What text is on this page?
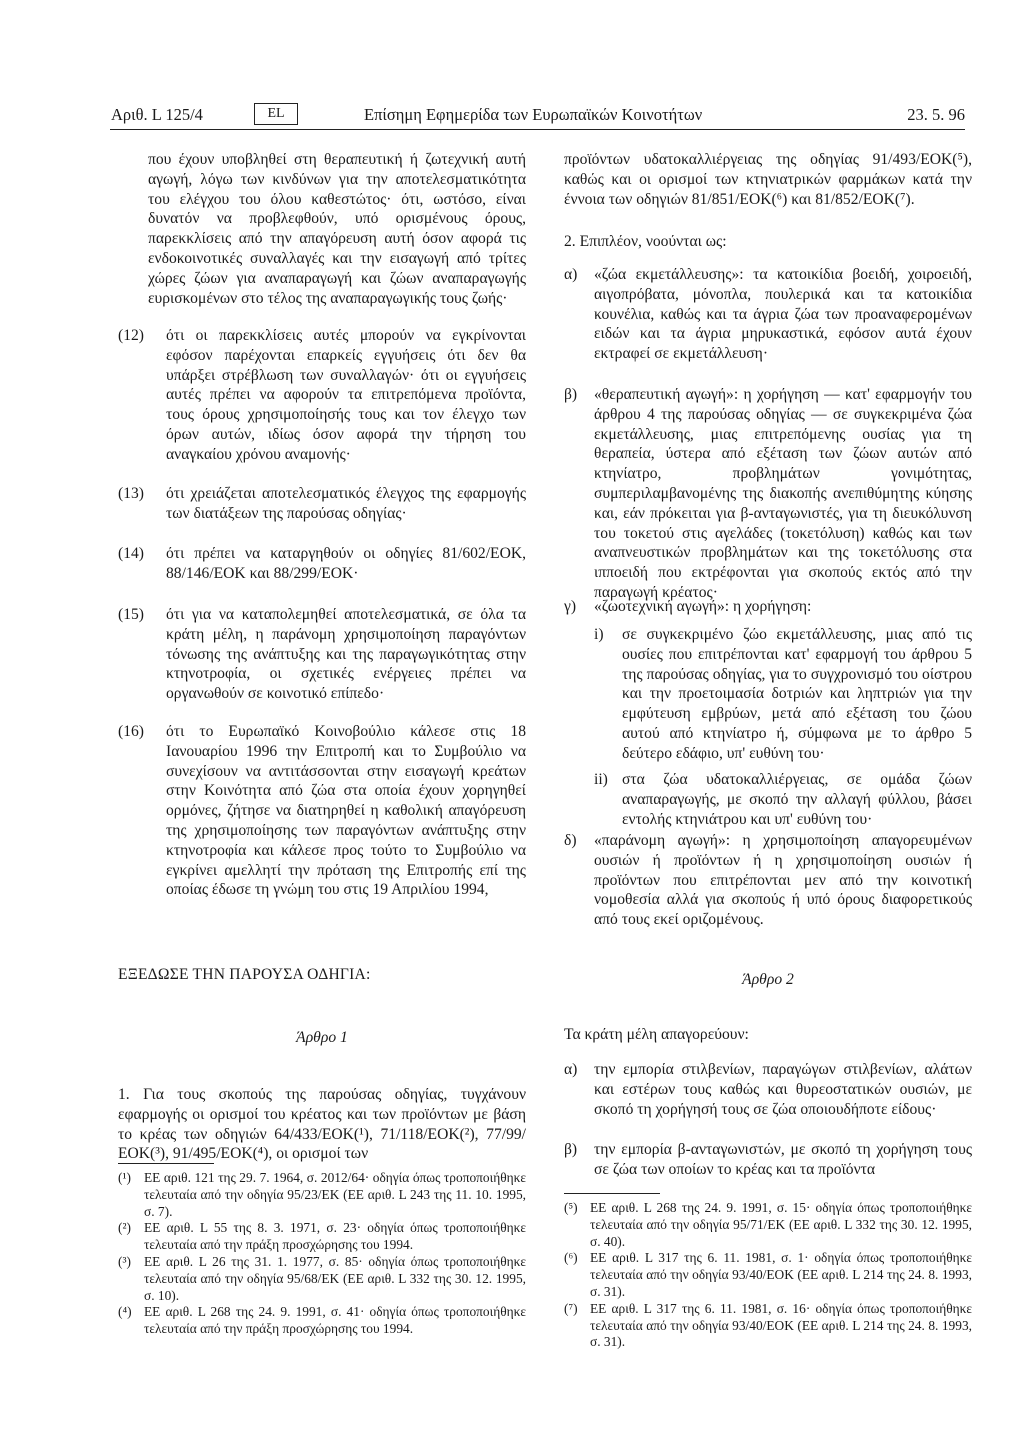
Αριθ. L 125/4	EL	Επίσημη Εφημερίδα των Ευρωπαϊκών Κοινοτήτων	23. 5. 96

που έχουν υποβληθεί στη θεραπευτική ή ζωτεχνική αυτή αγωγή, λόγω των κινδύνων για την αποτελεσματικότητα του ελέγχου του όλου καθεστώτος· ότι, ωστόσο, είναι δυνατόν να προβλεφθούν, υπό ορισμένους όρους, παρεκκλίσεις από την απαγόρευση αυτή όσον αφορά τις ενδοκοινοτικές συναλλαγές και την εισαγωγή από τρίτες χώρες ζώων για αναπαραγωγή και ζώων αναπαραγωγής ευρισκομένων στο τέλος της αναπαραγωγικής τους ζωής·

(12) ότι οι παρεκκλίσεις αυτές μπορούν να εγκρίνονται εφόσον παρέχονται επαρκείς εγγυήσεις ότι δεν θα υπάρξει στρέβλωση των συναλλαγών· ότι οι εγγυήσεις αυτές πρέπει να αφορούν τα επιτρεπόμενα προϊόντα, τους όρους χρησιμοποίησής τους και τον έλεγχο των όρων αυτών, ιδίως όσον αφορά την τήρηση του αναγκαίου χρόνου αναμονής·
(13) ότι χρειάζεται αποτελεσματικός έλεγχος της εφαρμογής των διατάξεων της παρούσας οδηγίας·
(14) ότι πρέπει να καταργηθούν οι οδηγίες 81/602/ΕΟΚ, 88/146/ΕΟΚ και 88/299/ΕΟΚ·
(15) ότι για να καταπολεμηθεί αποτελεσματικά, σε όλα τα κράτη μέλη, η παράνομη χρησιμοποίηση παραγόντων τόνωσης της ανάπτυξης και της παραγωγικότητας στην κτηνοτροφία, οι σχετικές ενέργειες πρέπει να οργανωθούν σε κοινοτικό επίπεδο·
(16) ότι το Ευρωπαϊκό Κοινοβούλιο κάλεσε στις 18 Ιανουαρίου 1996 την Επιτροπή και το Συμβούλιο να συνεχίσουν να αντιτάσσονται στην εισαγωγή κρεάτων στην Κοινότητα από ζώα στα οποία έχουν χορηγηθεί ορμόνες, ζήτησε να διατηρηθεί η καθολική απαγόρευση της χρησιμοποίησης των παραγόντων ανάπτυξης στην κτηνοτροφία και κάλεσε προς τούτο το Συμβούλιο να εγκρίνει αμελλητί την πρόταση της Επιτροπής επί της οποίας έδωσε τη γνώμη του στις 19 Απριλίου 1994,

ΕΞΕΔΩΣΕ ΤΗΝ ΠΑΡΟΥΣΑ ΟΔΗΓΙΑ:

Άρθρο 1

1. Για τους σκοπούς της παρούσας οδηγίας, τυγχάνουν εφαρμογής οι ορισμοί του κρέατος και των προϊόντων με βάση το κρέας των οδηγιών 64/433/ΕΟΚ(¹), 71/118/ΕΟΚ(²), 77/99/ΕΟΚ(³), 91/495/ΕΟΚ(⁴), οι ορισμοί των

(¹) ΕΕ αριθ. 121 της 29. 7. 1964, σ. 2012/64· οδηγία όπως τροποποιήθηκε τελευταία από την οδηγία 95/23/ΕΚ (ΕΕ αριθ. L 243 της 11. 10. 1995, σ. 7).
(²) ΕΕ αριθ. L 55 της 8. 3. 1971, σ. 23· οδηγία όπως τροποποιήθηκε τελευταία από την πράξη προσχώρησης του 1994.
(³) ΕΕ αριθ. L 26 της 31. 1. 1977, σ. 85· οδηγία όπως τροποποιήθηκε τελευταία από την οδηγία 95/68/ΕΚ (ΕΕ αριθ. L 332 της 30. 12. 1995, σ. 10).
(⁴) ΕΕ αριθ. L 268 της 24. 9. 1991, σ. 41· οδηγία όπως τροποποιήθηκε τελευταία από την πράξη προσχώρησης του 1994.

προϊόντων υδατοκαλλιέργειας της οδηγίας 91/493/ΕΟΚ(⁵), καθώς και οι ορισμοί των κτηνιατρικών φαρμάκων κατά την έννοια των οδηγιών 81/851/ΕΟΚ(⁶) και 81/852/ΕΟΚ(⁷).

2. Επιπλέον, νοούνται ως:

α) «ζώα εκμετάλλευσης»: τα κατοικίδια βοειδή, χοιροειδή, αιγοπρόβατα, μόνοπλα, πουλερικά και τα κατοικίδια κουνέλια, καθώς και τα άγρια ζώα των προαναφερομένων ειδών και τα άγρια μηρυκαστικά, εφόσον αυτά έχουν εκτραφεί σε εκμετάλλευση·
β) «θεραπευτική αγωγή»: η χορήγηση — κατ' εφαρμογήν του άρθρου 4 της παρούσας οδηγίας — σε συγκεκριμένα ζώα εκμετάλλευσης, μιας επιτρεπόμενης ουσίας για τη θεραπεία, ύστερα από εξέταση των ζώων αυτών από κτηνίατρο, προβλημάτων γονιμότητας, συμπεριλαμβανομένης της διακοπής ανεπιθύμητης κύησης και, εάν πρόκειται για β-ανταγωνιστές, για τη διευκόλυνση του τοκετού στις αγελάδες (τοκετόλυση) καθώς και των αναπνευστικών προβλημάτων και της τοκετόλυσης στα ιπποειδή που εκτρέφονται για σκοπούς εκτός από την παραγωγή κρέατος·
γ) «ζωοτεχνική αγωγή»: η χορήγηση:
i) σε συγκεκριμένο ζώο εκμετάλλευσης, μιας από τις ουσίες που επιτρέπονται κατ' εφαρμογή του άρθρου 5 της παρούσας οδηγίας, για το συγχρονισμό του οίστρου και την προετοιμασία δοτριών και ληπτριών για την εμφύτευση εμβρύων, μετά από εξέταση του ζώου αυτού από κτηνίατρο ή, σύμφωνα με το άρθρο 5 δεύτερο εδάφιο, υπ' ευθύνη του·
ii) στα ζώα υδατοκαλλιέργειας, σε ομάδα ζώων αναπαραγωγής, με σκοπό την αλλαγή φύλλου, βάσει εντολής κτηνιάτρου και υπ' ευθύνη του·
δ) «παράνομη αγωγή»: η χρησιμοποίηση απαγορευμένων ουσιών ή προϊόντων ή η χρησιμοποίηση ουσιών ή προϊόντων που επιτρέπονται μεν από την κοινοτική νομοθεσία αλλά για σκοπούς ή υπό όρους διαφορετικούς από τους εκεί οριζομένους.

Άρθρο 2

Τα κράτη μέλη απαγορεύουν:

α) την εμπορία στιλβενίων, παραγώγων στιλβενίων, αλάτων και εστέρων τους καθώς και θυρεοστατικών ουσιών, με σκοπό τη χορήγησή τους σε ζώα οποιουδήποτε είδους·
β) την εμπορία β-ανταγωνιστών, με σκοπό τη χορήγηση τους σε ζώα των οποίων το κρέας και τα προϊόντα
(⁵) ΕΕ αριθ. L 268 της 24. 9. 1991, σ. 15· οδηγία όπως τροποποιήθηκε τελευταία από την οδηγία 95/71/ΕΚ (ΕΕ αριθ. L 332 της 30. 12. 1995, σ. 40).
(⁶) ΕΕ αριθ. L 317 της 6. 11. 1981, σ. 1· οδηγία όπως τροποποιήθηκε τελευταία από την οδηγία 93/40/ΕΟΚ (ΕΕ αριθ. L 214 της 24. 8. 1993, σ. 31).
(⁷) ΕΕ αριθ. L 317 της 6. 11. 1981, σ. 16· οδηγία όπως τροποποιήθηκε τελευταία από την οδηγία 93/40/ΕΟΚ (ΕΕ αριθ. L 214 της 24. 8. 1993, σ. 31).
